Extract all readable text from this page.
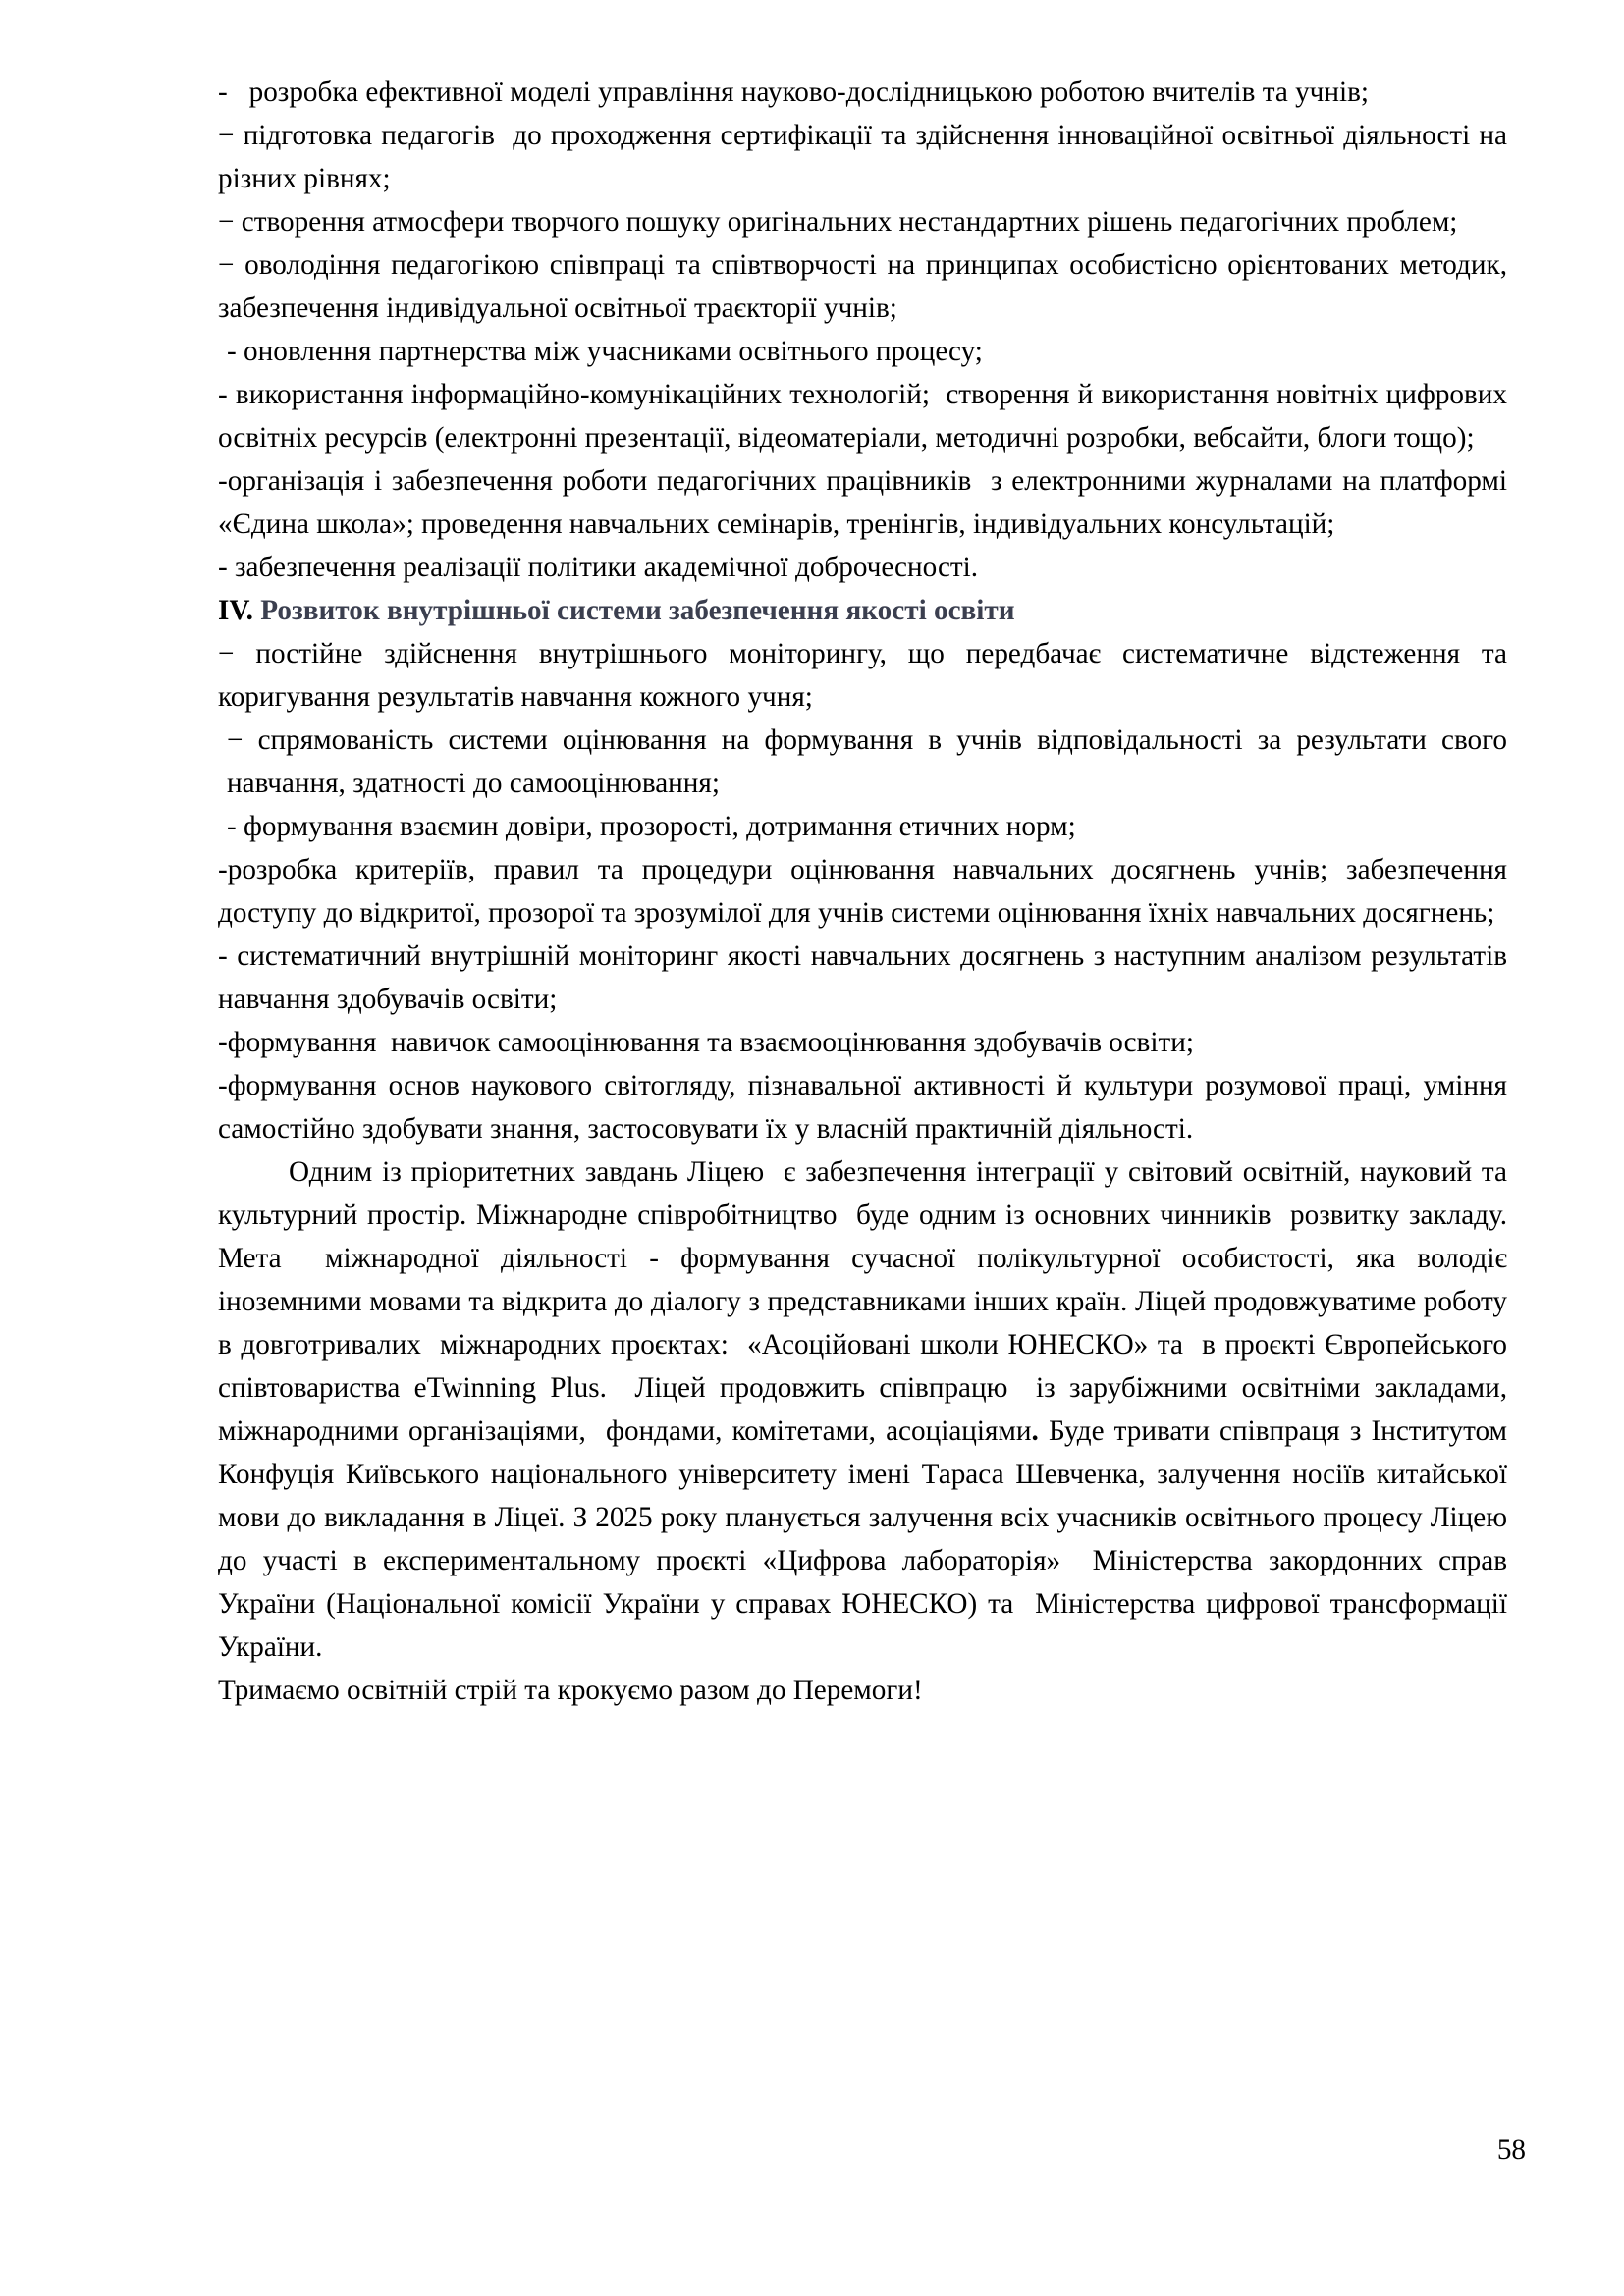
-   розробка ефективної моделі управління науково-дослідницькою роботою вчителів та учнів;

− підготовка педагогів  до проходження сертифікації та здійснення інноваційної освітньої діяльності на різних рівнях;

− створення атмосфери творчого пошуку оригінальних нестандартних рішень педагогічних проблем;

− оволодіння педагогікою співпраці та співтворчості на принципах особистісно орієнтованих методик, забезпечення індивідуальної освітньої траєкторії учнів;

- оновлення партнерства між учасниками освітнього процесу;

- використання інформаційно-комунікаційних технологій;  створення й використання новітніх цифрових освітніх ресурсів (електронні презентації, відеоматеріали, методичні розробки, вебсайти, блоги тощо);

-організація і забезпечення роботи педагогічних працівників  з електронними журналами на платформі «Єдина школа»; проведення навчальних семінарів, тренінгів, індивідуальних консультацій;

- забезпечення реалізації політики академічної доброчесності.

IV. Розвиток внутрішньої системи забезпечення якості освіти

− постійне здійснення внутрішнього моніторингу, що передбачає систематичне відстеження та коригування результатів навчання кожного учня;

− спрямованість системи оцінювання на формування в учнів відповідальності за результати свого навчання, здатності до самооцінювання;

- формування взаємин довіри, прозорості, дотримання етичних норм;

-розробка критеріїв, правил та процедури оцінювання навчальних досягнень учнів; забезпечення доступу до відкритої, прозорої та зрозумілої для учнів системи оцінювання їхніх навчальних досягнень;

- систематичний внутрішній моніторинг якості навчальних досягнень з наступним аналізом результатів навчання здобувачів освіти;

-формування  навичок самооцінювання та взаємооцінювання здобувачів освіти;

-формування основ наукового світогляду, пізнавальної активності й культури розумової праці, уміння самостійно здобувати знання, застосовувати їх у власній практичній діяльності.

Одним із пріоритетних завдань Ліцею  є забезпечення інтеграції у світовий освітній, науковий та культурний простір. Міжнародне співробітництво  буде одним із основних чинників  розвитку закладу. Мета  міжнародної діяльності - формування сучасної полікультурної особистості, яка володіє іноземними мовами та відкрита до діалогу з представниками інших країн. Ліцей продовжуватиме роботу в довготривалих  міжнародних проєктах:  «Асоційовані школи ЮНЕСКО» та  в проєкті Європейського співтовариства eTwinning Plus.  Ліцей продовжить співпрацю  із зарубіжними освітніми закладами, міжнародними організаціями,  фондами, комітетами, асоціаціями. Буде тривати співпраця з Інститутом Конфуція Київського національного університету імені Тараса Шевченка, залучення носіїв китайської мови до викладання в Ліцеї. З 2025 року планується залучення всіх учасників освітнього процесу Ліцею до участі в експериментальному проєкті «Цифрова лабораторія»  Міністерства закордонних справ України (Національної комісії України у справах ЮНЕСКО) та  Міністерства цифрової трансформації України.

Тримаємо освітній стрій та крокуємо разом до Перемоги!

58
